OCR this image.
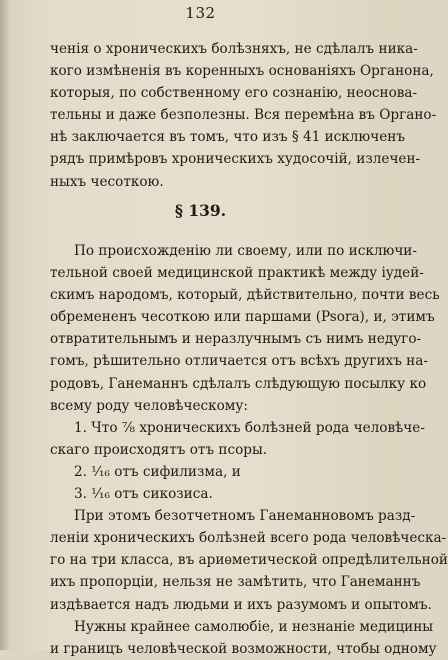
132
ченія о хроническихъ болѣзняхъ, не сдѣлалъ ника-
кого измѣненія въ коренныхъ основаніяхъ Органона,
которыя, по собственному его сознанію, неоснова-
тельны и даже безполезны. Вся перемѣна въ Органо-
нѣ заключается въ томъ, что изъ § 41 исключенъ
рядъ примѣровъ хроническихъ худосочій, излечен-
ныхъ чесоткою.
§ 139.
По происхожденію ли своему, или по исключи-
тельной своей медицинской практикѣ между іудей-
скимъ народомъ, который, дѣйствительно, почти весь
обремененъ чесоткою или паршами (Psora), и, этимъ
отвратительнымъ и неразлучнымъ съ нимъ недуго-
гомъ, рѣшительно отличается отъ всѣхъ другихъ на-
родовъ, Ганеманнъ сдѣлалъ слѣдующую посылку ко
всему роду человѣческому:
1. Что ⁷⁄₈ хроническихъ болѣзней рода человѣче-
скаго происходятъ отъ псоры.
2. ¹⁄₁₆ отъ сифилизма, и
3. ¹⁄₁₆ отъ сикозиса.
При этомъ безотчетномъ Ганеманновомъ разд-
леніи хроническихъ болѣзней всего рода человѣческа-
го на три класса, въ ариѳметической опредѣлительной
ихъ пропорціи, нельзя не замѣтить, что Ганеманнъ
издѣвается надъ людьми и ихъ разумомъ и опытомъ.
Нужны крайнее самолюбіе, и незнаніе медицины
и границъ человѣческой возможности, чтобы одному
